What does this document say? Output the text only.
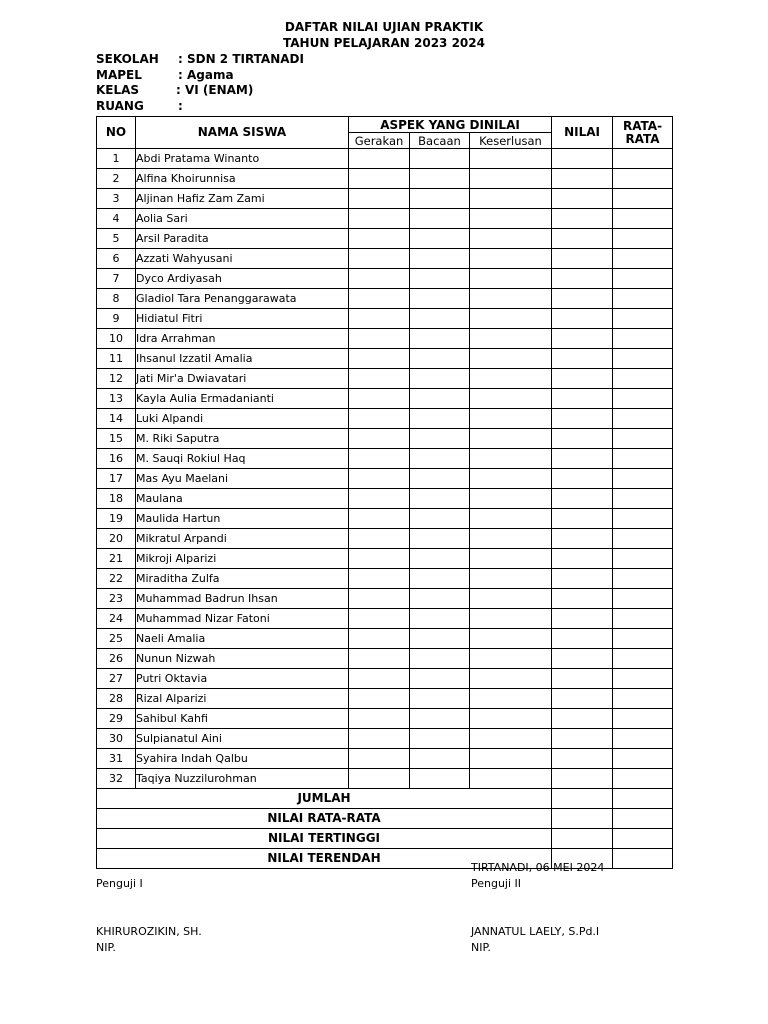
DAFTAR NILAI UJIAN PRAKTIK
TAHUN PELAJARAN 2023 2024
SEKOLAH : SDN 2 TIRTANADI
MAPEL	: Agama
KELAS	: VI (ENAM)
RUANG	:
NO	NAMA SISWA	ASPEK YANG DINILAI			NILAI	RATA-
RATA
		Gerakan	Bacaan	Keserlusan		
1	Abdi Pratama Winanto					
2	Alfina Khoirunnisa					
3	Aljinan Hafiz Zam Zami					
4	Aolia Sari					
5	Arsil Paradita					
6	Azzati Wahyusani					
7	Dyco Ardiyasah					
8	Gladiol Tara Penanggarawata					
9	Hidiatul Fitri					
10	Idra Arrahman					
11	Ihsanul Izzatil Amalia					
12	Jati Mir'a Dwiavatari					
13	Kayla Aulia Ermadanianti					
14	Luki Alpandi					
15	M. Riki Saputra					
16	M. Sauqi Rokiul Haq					
17	Mas Ayu Maelani					
18	Maulana					
19	Maulida Hartun					
20	Mikratul Arpandi					
21	Mikroji Alparizi					
22	Miraditha Zulfa					
23	Muhammad Badrun Ihsan					
24	Muhammad Nizar Fatoni					
25	Naeli Amalia					
26	Nunun Nizwah					
27	Putri Oktavia					
28	Rizal Alparizi					
29	Sahibul Kahfi					
30	Sulpianatul Aini					
31	Syahira Indah Qalbu					
32	Taqiya Nuzzilurohman					
JUMLAH						
NILAI RATA-RATA						
NILAI TERTINGGI						
NILAI TERENDAH						
TIRTANADI, 06 MEI 2024
Penguji I	Penguji II
KHIRUROZIKIN, SH.	JANNATUL LAELY, S.Pd.I
NIP.	NIP.
